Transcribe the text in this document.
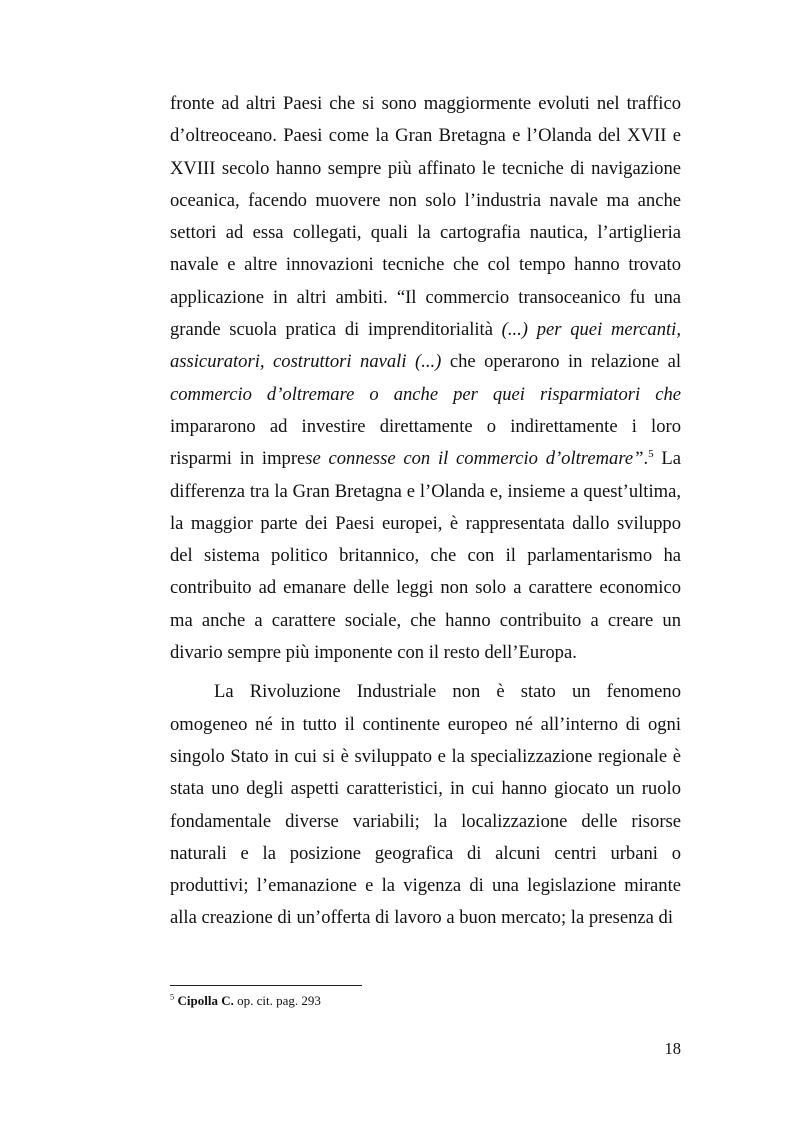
fronte ad altri Paesi che si sono maggiormente evoluti nel traffico d’oltreoceano. Paesi come la Gran Bretagna e l’Olanda del XVII e XVIII secolo hanno sempre più affinato le tecniche di navigazione oceanica, facendo muovere non solo l’industria navale ma anche settori ad essa collegati, quali la cartografia nautica, l’artiglieria navale e altre innovazioni tecniche che col tempo hanno trovato applicazione in altri ambiti. “Il commercio transoceanico fu una grande scuola pratica di imprenditorialità (...) per quei mercanti, assicuratori, costruttori navali (...) che operarono in relazione al commercio d’oltremare o anche per quei risparmiatori che impararono ad investire direttamente o indirettamente i loro risparmi in imprese connesse con il commercio d’oltremare”.$^5$ La differenza tra la Gran Bretagna e l’Olanda e, insieme a quest’ultima, la maggior parte dei Paesi europei, è rappresentata dallo sviluppo del sistema politico britannico, che con il parlamentarismo ha contribuito ad emanare delle leggi non solo a carattere economico ma anche a carattere sociale, che hanno contribuito a creare un divario sempre più imponente con il resto dell’Europa.

La Rivoluzione Industriale non è stato un fenomeno omogeneo né in tutto il continente europeo né all’interno di ogni singolo Stato in cui si è sviluppato e la specializzazione regionale è stata uno degli aspetti caratteristici, in cui hanno giocato un ruolo fondamentale diverse variabili; la localizzazione delle risorse naturali e la posizione geografica di alcuni centri urbani o produttivi; l’emanazione e la vigenza di una legislazione mirante alla creazione di un’offerta di lavoro a buon mercato; la presenza di

$^5$ Cipolla C. op. cit. pag. 293

18
